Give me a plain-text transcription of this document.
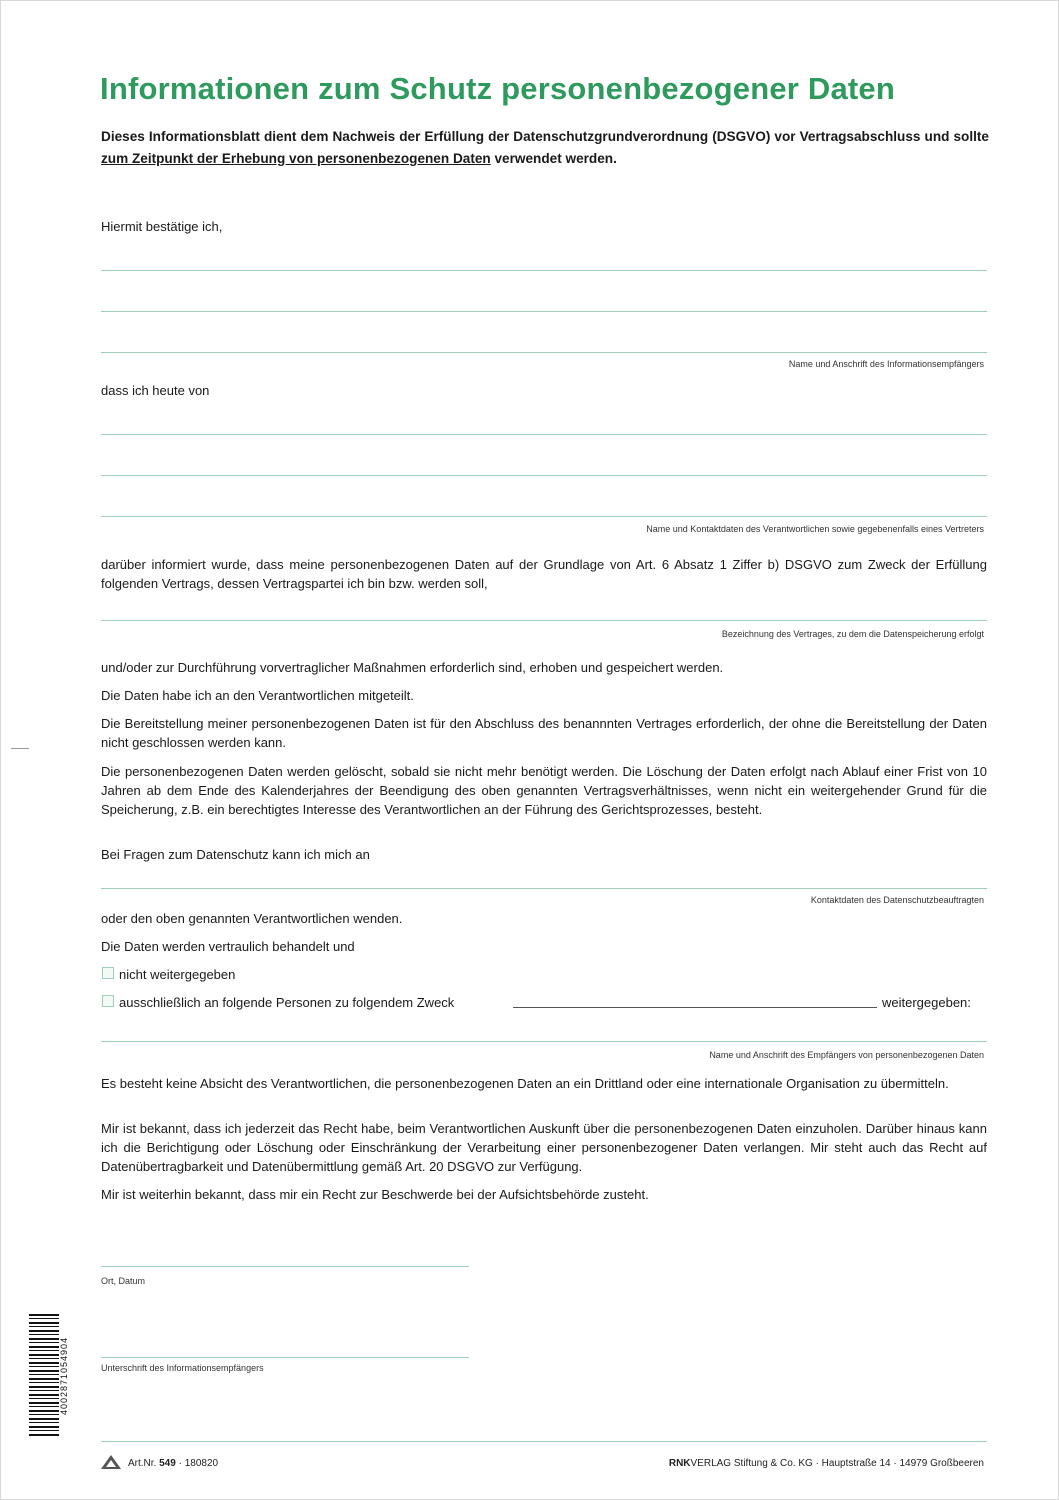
Informationen zum Schutz personenbezogener Daten
Dieses Informationsblatt dient dem Nachweis der Erfüllung der Datenschutzgrundverordnung (DSGVO) vor Vertragsabschluss und sollte zum Zeitpunkt der Erhebung von personenbezogenen Daten verwendet werden.
Hiermit bestätige ich,
Name und Anschrift des Informationsempfängers
dass ich heute von
Name und Kontaktdaten des Verantwortlichen sowie gegebenenfalls eines Vertreters
darüber informiert wurde, dass meine personenbezogenen Daten auf der Grundlage von Art. 6 Absatz 1 Ziffer b) DSGVO zum Zweck der Erfüllung folgenden Vertrags, dessen Vertragspartei ich bin bzw. werden soll,
Bezeichnung des Vertrages, zu dem die Datenspeicherung erfolgt
und/oder zur Durchführung vorvertraglicher Maßnahmen erforderlich sind, erhoben und gespeichert werden.
Die Daten habe ich an den Verantwortlichen mitgeteilt.
Die Bereitstellung meiner personenbezogenen Daten ist für den Abschluss des benannnten Vertrages erforderlich, der ohne die Bereitstellung der Daten nicht geschlossen werden kann.
Die personenbezogenen Daten werden gelöscht, sobald sie nicht mehr benötigt werden. Die Löschung der Daten erfolgt nach Ablauf einer Frist von 10 Jahren ab dem Ende des Kalenderjahres der Beendigung des oben genannten Vertragsverhältnisses, wenn nicht ein weitergehender Grund für die Speicherung, z.B. ein berechtigtes Interesse des Verantwortlichen an der Führung des Gerichtsprozesses, besteht.
Bei Fragen zum Datenschutz kann ich mich an
Kontaktdaten des Datenschutzbeauftragten
oder den oben genannten Verantwortlichen wenden.
Die Daten werden vertraulich behandelt und
nicht weitergegeben
ausschließlich an folgende Personen zu folgendem Zweck	weitergegeben:
Name und Anschrift des Empfängers von personenbezogenen Daten
Es besteht keine Absicht des Verantwortlichen, die personenbezogenen Daten an ein Drittland oder eine internationale Organisation zu übermitteln.
Mir ist bekannt, dass ich jederzeit das Recht habe, beim Verantwortlichen Auskunft über die personenbezogenen Daten einzuholen. Darüber hinaus kann ich die Berichtigung oder Löschung oder Einschränkung der Verarbeitung einer personenbezogener Daten verlangen. Mir steht auch das Recht auf Datenübertragbarkeit und Datenübermittlung gemäß Art. 20 DSGVO zur Verfügung.
Mir ist weiterhin bekannt, dass mir ein Recht zur Beschwerde bei der Aufsichtsbehörde zusteht.
Ort, Datum
Unterschrift des Informationsempfängers
4002871054904
Art.Nr. 549 · 180820	RNKVERLAG Stiftung & Co. KG · Hauptstraße 14 · 14979 Großbeeren
